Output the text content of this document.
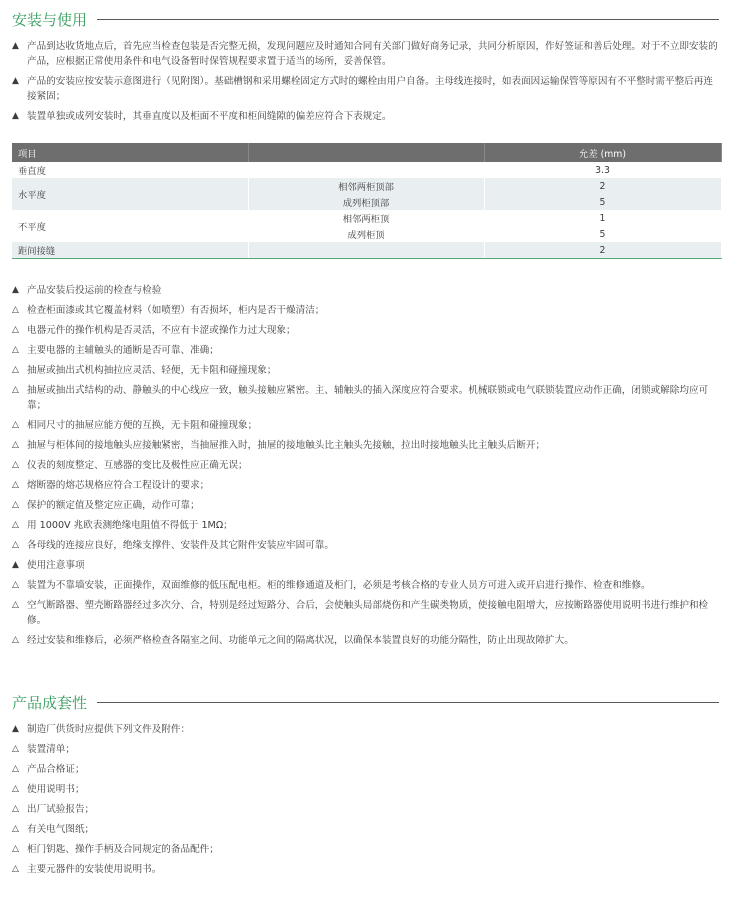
安装与使用
▲ 产品到达收货地点后，首先应当检查包装是否完整无损，发现问题应及时通知合同有关部门做好商务记录，共同分析原因，作好签证和善后处理。对于不立即安装的产品，应根据正常使用条件和电气设备暂时保管规程要求置于适当的场所，妥善保管。
▲ 产品的安装应按安装示意图进行（见附图）。基础槽钢和采用螺栓固定方式时的螺栓由用户自备。主母线连接时，如表面因运输保管等原因有不平整时需平整后再连接紧固；
▲ 装置单独或成列安装时，其垂直度以及柜面不平度和柜间缝隙的偏差应符合下表规定。
项目		允差 (mm)
垂直度		3.3
水平度	相邻两柜顶部	2
	成列柜顶部	5
不平度	相邻两柜顶	1
	成列柜顶	5
距间接缝		2
▲ 产品安装后投运前的检查与检验
△ 检查柜面漆或其它覆盖材料（如喷塑）有否损坏，柜内是否干燥清洁；
△ 电器元件的操作机构是否灵活，不应有卡涩或操作力过大现象；
△ 主要电器的主辅触头的通断是否可靠、准确；
△ 抽屉或抽出式机构抽拉应灵活、轻便，无卡阻和碰撞现象；
△ 抽屉或抽出式结构的动、静触头的中心线应一致，触头接触应紧密。主、辅触头的插入深度应符合要求。机械联锁或电气联锁装置应动作正确，闭锁或解除均应可靠；
△ 相同尺寸的抽屉应能方便的互换，无卡阻和碰撞现象；
△ 抽屉与柜体间的接地触头应接触紧密，当抽屉推入时，抽屉的接地触头比主触头先接触，拉出时接地触头比主触头后断开；
△ 仪表的刻度整定、互感器的变比及极性应正确无误；
△ 熔断器的熔芯规格应符合工程设计的要求；
△ 保护的额定值及整定应正确，动作可靠；
△ 用 1000V 兆欧表测绝缘电阻值不得低于 1MΩ；
△ 各母线的连接应良好，绝缘支撑件、安装件及其它附件安装应牢固可靠。
▲ 使用注意事项
△ 装置为不靠墙安装，正面操作，双面维修的低压配电柜。柜的维修通道及柜门，必须是考核合格的专业人员方可进入或开启进行操作、检查和维修。
△ 空气断路器、塑壳断路器经过多次分、合，特别是经过短路分、合后，会使触头局部烧伤和产生碳类物质，使接触电阻增大，应按断路器使用说明书进行维护和检修。
△ 经过安装和维修后，必须严格检查各隔室之间、功能单元之间的隔离状况，以确保本装置良好的功能分隔性，防止出现故障扩大。
产品成套性
▲ 制造厂供货时应提供下列文件及附件：
△ 装置清单；
△ 产品合格证；
△ 使用说明书；
△ 出厂试验报告；
△ 有关电气图纸；
△ 柜门钥匙、操作手柄及合同规定的备品配件；
△ 主要元器件的安装使用说明书。
